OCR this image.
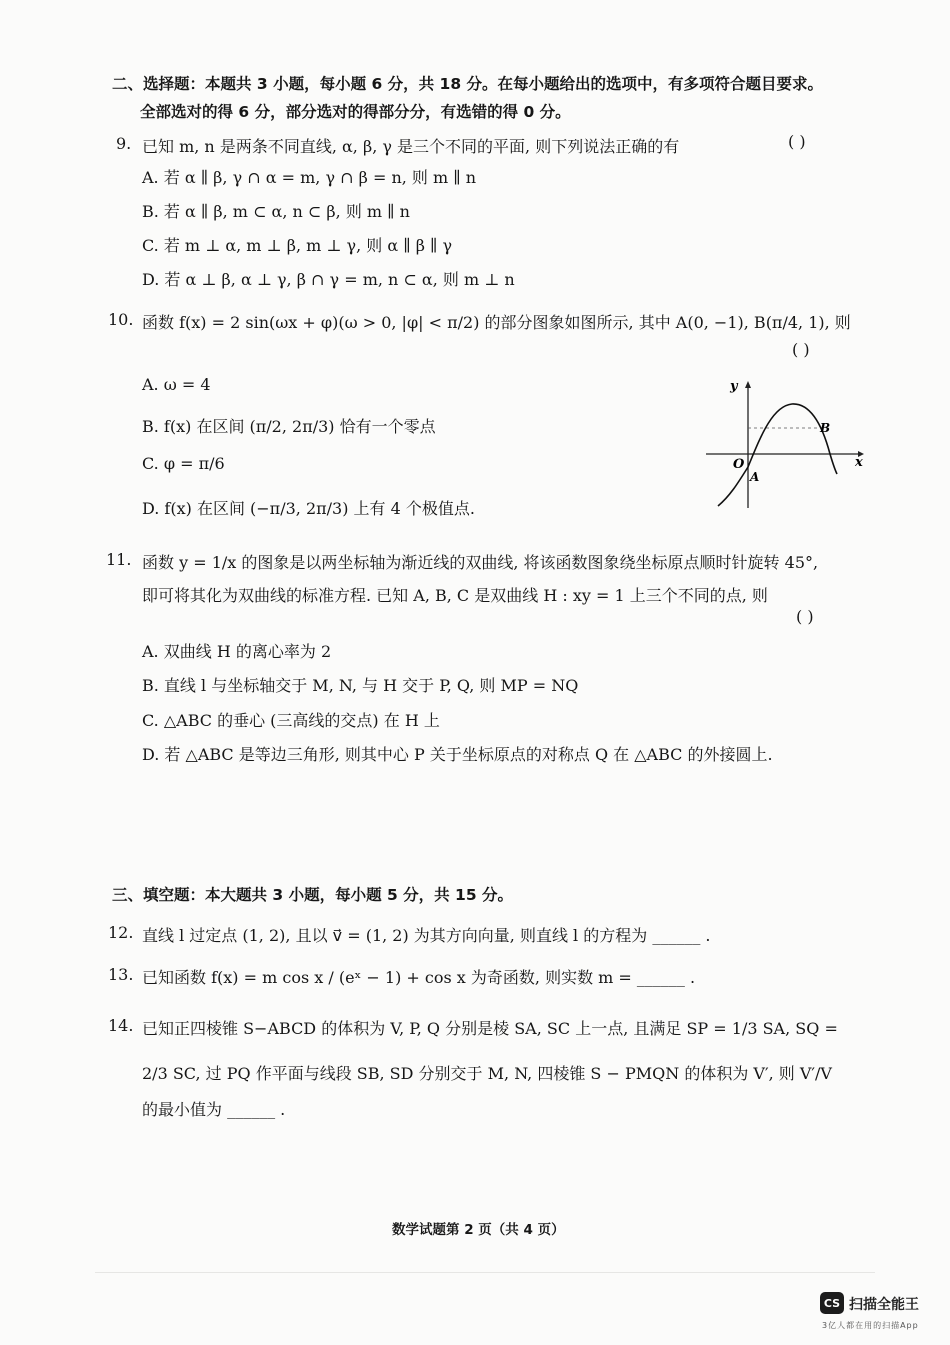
二、选择题：本题共 3 小题，每小题 6 分，共 18 分。在每小题给出的选项中，有多项符合题目要求。
全部选对的得 6 分，部分选对的得部分分，有选错的得 0 分。
9. 已知 m, n 是两条不同直线, α, β, γ 是三个不同的平面, 则下列说法正确的有	( )
A. 若 α ∥ β, γ ∩ α = m, γ ∩ β = n, 则 m ∥ n
B. 若 α ∥ β, m ⊂ α, n ⊂ β, 则 m ∥ n
C. 若 m ⊥ α, m ⊥ β, m ⊥ γ, 则 α ∥ β ∥ γ
D. 若 α ⊥ β, α ⊥ γ, β ∩ γ = m, n ⊂ α, 则 m ⊥ n
10. 函数 f(x) = 2 sin(ωx + φ)(ω > 0, |φ| < π/2) 的部分图象如图所示, 其中 A(0, −1), B(π/4, 1), 则
( )
A. ω = 4
B. f(x) 在区间 (π/2, 2π/3) 恰有一个零点
C. φ = π/6
D. f(x) 在区间 (−π/3, 2π/3) 上有 4 个极值点.
y
x
O
A
B
11. 函数 y = 1/x 的图象是以两坐标轴为渐近线的双曲线, 将该函数图象绕坐标原点顺时针旋转 45°,
即可将其化为双曲线的标准方程. 已知 A, B, C 是双曲线 H : xy = 1 上三个不同的点, 则
( )
A. 双曲线 H 的离心率为 2
B. 直线 l 与坐标轴交于 M, N, 与 H 交于 P, Q, 则 MP = NQ
C. △ABC 的垂心 (三高线的交点) 在 H 上
D. 若 △ABC 是等边三角形, 则其中心 P 关于坐标原点的对称点 Q 在 △ABC 的外接圆上.
三、填空题：本大题共 3 小题，每小题 5 分，共 15 分。
12. 直线 l 过定点 (1, 2), 且以 v⃗ = (1, 2) 为其方向向量, 则直线 l 的方程为 ______ .
13. 已知函数 f(x) = m cos x / (eˣ − 1) + cos x 为奇函数, 则实数 m = ______ .
14. 已知正四棱锥 S−ABCD 的体积为 V, P, Q 分别是棱 SA, SC 上一点, 且满足 SP = 1/3 SA, SQ =
2/3 SC, 过 PQ 作平面与线段 SB, SD 分别交于 M, N, 四棱锥 S − PMQN 的体积为 V′, 则 V′/V
的最小值为 ______ .
数学试题第 2 页（共 4 页）
CS 扫描全能王
3亿人都在用的扫描App
